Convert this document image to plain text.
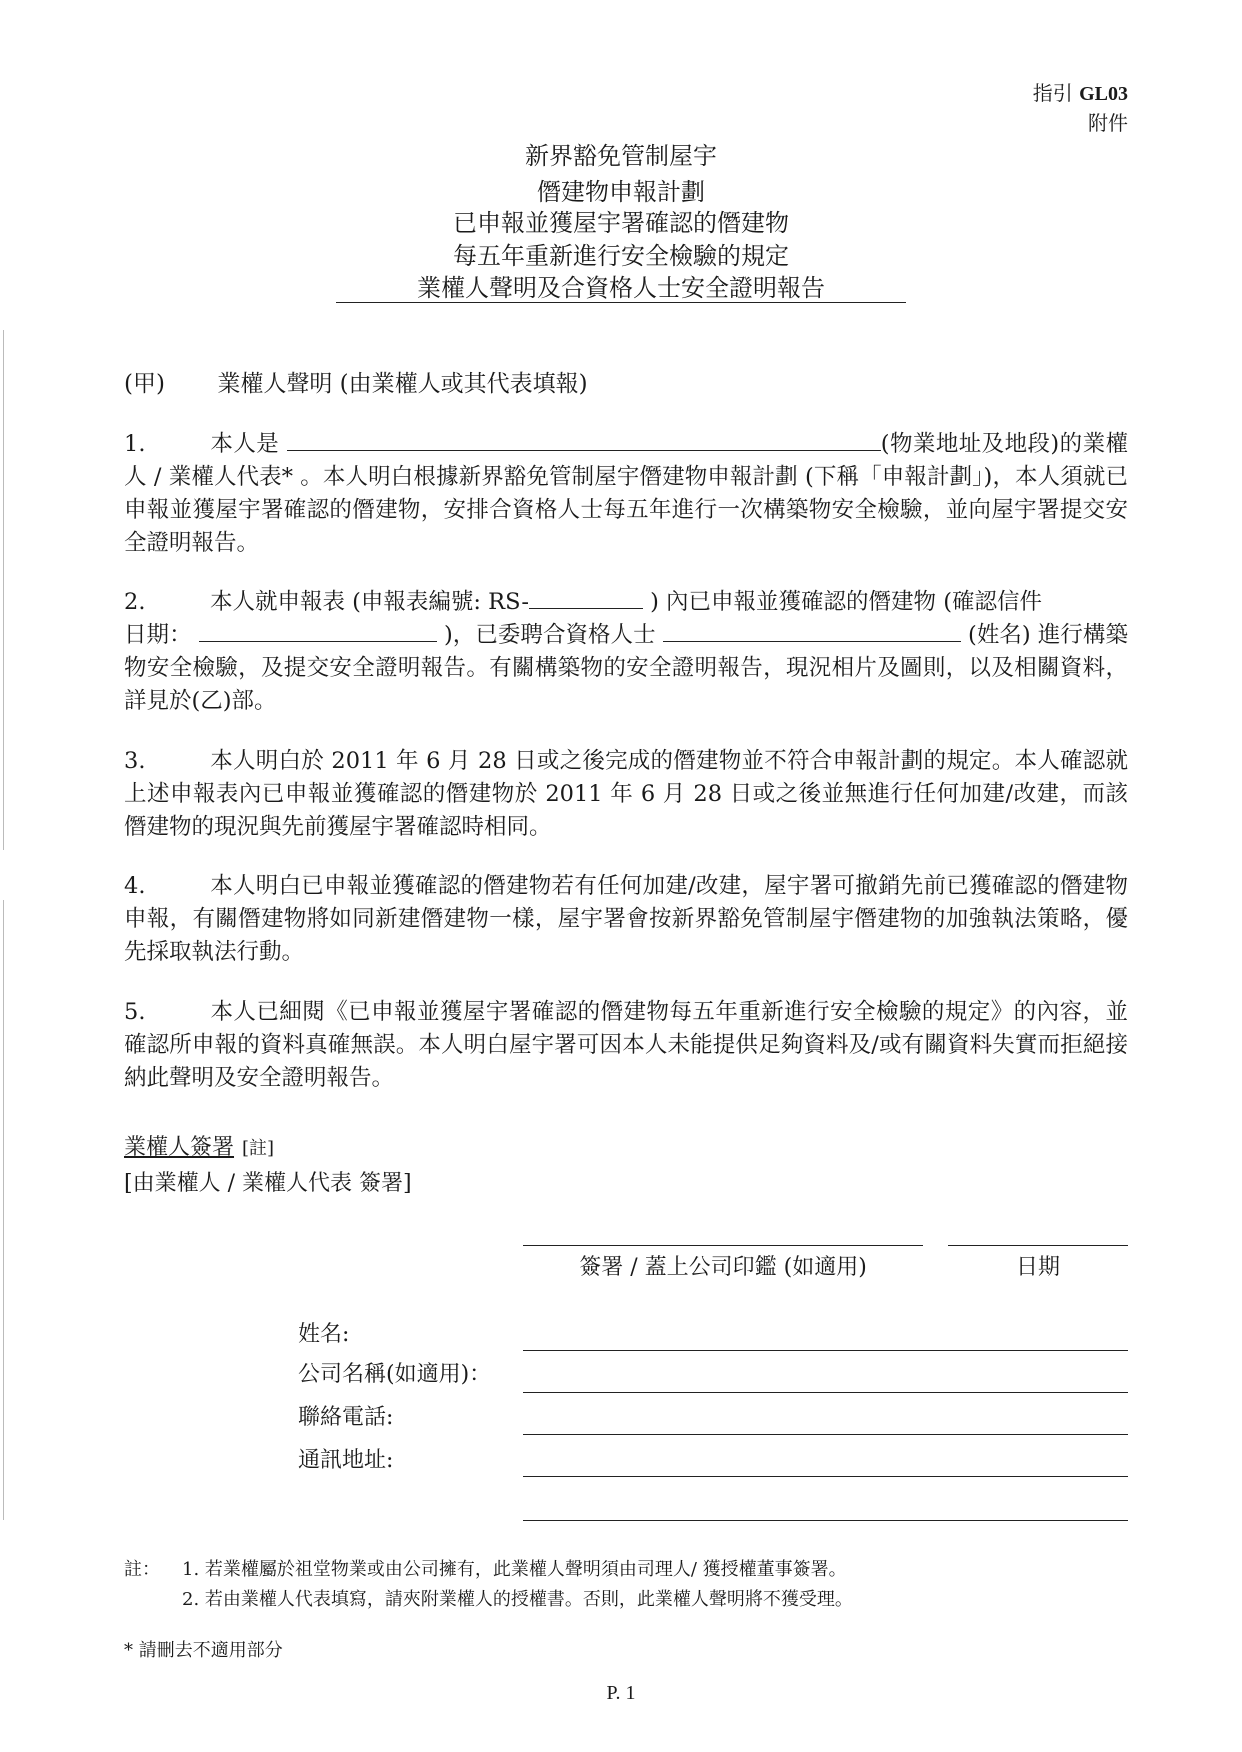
指引 GL03
附件
新界豁免管制屋宇
僭建物申報計劃
已申報並獲屋宇署確認的僭建物
每五年重新進行安全檢驗的規定
業權人聲明及合資格人士安全證明報告
(甲) 業權人聲明 (由業權人或其代表填報)
1.	本人是	(物業地址及地段)的業權人 / 業權人代表* 。本人明白根據新界豁免管制屋宇僭建物申報計劃 (下稱「申報計劃」)，本人須就已申報並獲屋宇署確認的僭建物，安排合資格人士每五年進行一次構築物安全檢驗，並向屋宇署提交安全證明報告。
2.	本人就申報表 (申報表編號: RS-	) 內已申報並獲確認的僭建物 (確認信件
日期：	)，已委聘合資格人士	(姓名) 進行構築物安全檢驗，及提交安全證明報告。有關構築物的安全證明報告，現況相片及圖則，以及相關資料，詳見於(乙)部。
3.	本人明白於 2011 年 6 月 28 日或之後完成的僭建物並不符合申報計劃的規定。本人確認就上述申報表內已申報並獲確認的僭建物於 2011 年 6 月 28 日或之後並無進行任何加建/改建，而該僭建物的現況與先前獲屋宇署確認時相同。
4.	本人明白已申報並獲確認的僭建物若有任何加建/改建，屋宇署可撤銷先前已獲確認的僭建物申報，有關僭建物將如同新建僭建物一樣，屋宇署會按新界豁免管制屋宇僭建物的加強執法策略，優先採取執法行動。
5.	本人已細閱《已申報並獲屋宇署確認的僭建物每五年重新進行安全檢驗的規定》的內容，並確認所申報的資料真確無誤。本人明白屋宇署可因本人未能提供足夠資料及/或有關資料失實而拒絕接納此聲明及安全證明報告。
業權人簽署 [註]
[由業權人 / 業權人代表 簽署]
簽署 / 蓋上公司印鑑 (如適用)	日期
姓名:
公司名稱(如適用)：
聯絡電話:
通訊地址:
註： 1. 若業權屬於祖堂物業或由公司擁有，此業權人聲明須由司理人/ 獲授權董事簽署。
2. 若由業權人代表填寫，請夾附業權人的授權書。否則，此業權人聲明將不獲受理。
* 請刪去不適用部分
P. 1
